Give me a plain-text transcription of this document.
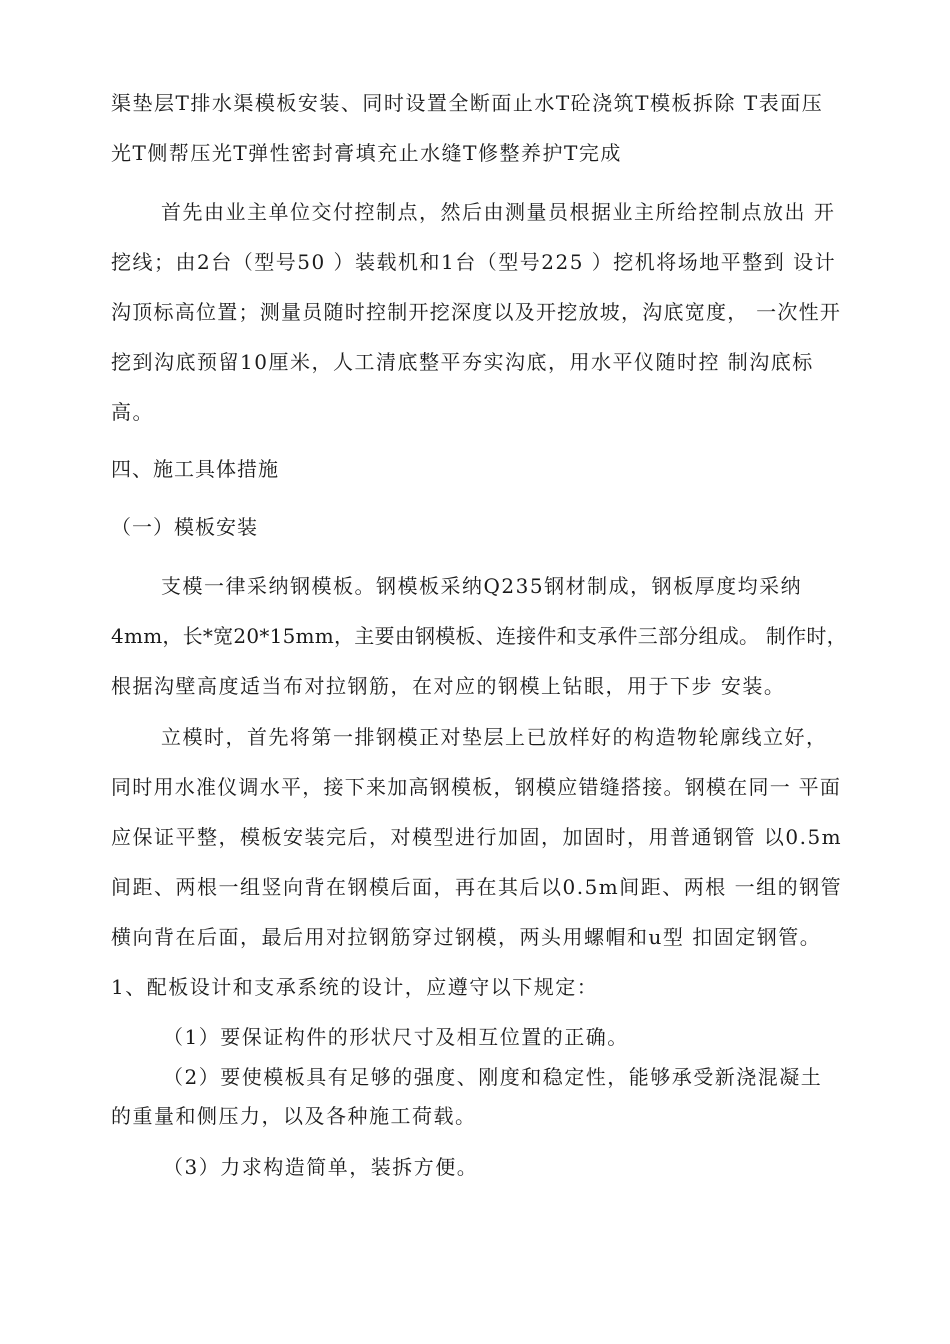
渠垫层T排水渠模板安装、同时设置全断面止水T砼浇筑T模板拆除 T表面压
光T侧帮压光T弹性密封膏填充止水缝T修整养护T完成
首先由业主单位交付控制点，然后由测量员根据业主所给控制点放出 开
挖线；由2台（型号50 ）装载机和1台（型号225 ）挖机将场地平整到 设计
沟顶标高位置；测量员随时控制开挖深度以及开挖放坡，沟底宽度， 一次性开
挖到沟底预留10厘米，人工清底整平夯实沟底，用水平仪随时控 制沟底标
高。
四、施工具体措施
（一）模板安装
支模一律采纳钢模板。钢模板采纳Q235钢材制成，钢板厚度均采纳
4mm，长*宽20*15mm，主要由钢模板、连接件和支承件三部分组成。 制作时，
根据沟壁高度适当布对拉钢筋，在对应的钢模上钻眼，用于下步 安装。
立模时，首先将第一排钢模正对垫层上已放样好的构造物轮廓线立好，
同时用水准仪调水平，接下来加高钢模板，钢模应错缝搭接。钢模在同一 平面
应保证平整，模板安装完后，对模型进行加固，加固时，用普通钢管 以0.5m
间距、两根一组竖向背在钢模后面，再在其后以0.5m间距、两根 一组的钢管
横向背在后面，最后用对拉钢筋穿过钢模，两头用螺帽和u型 扣固定钢管。
1、配板设计和支承系统的设计，应遵守以下规定：
（1）要保证构件的形状尺寸及相互位置的正确。
（2）要使模板具有足够的强度、刚度和稳定性，能够承受新浇混凝土
的重量和侧压力，以及各种施工荷载。
（3）力求构造简单，装拆方便。
